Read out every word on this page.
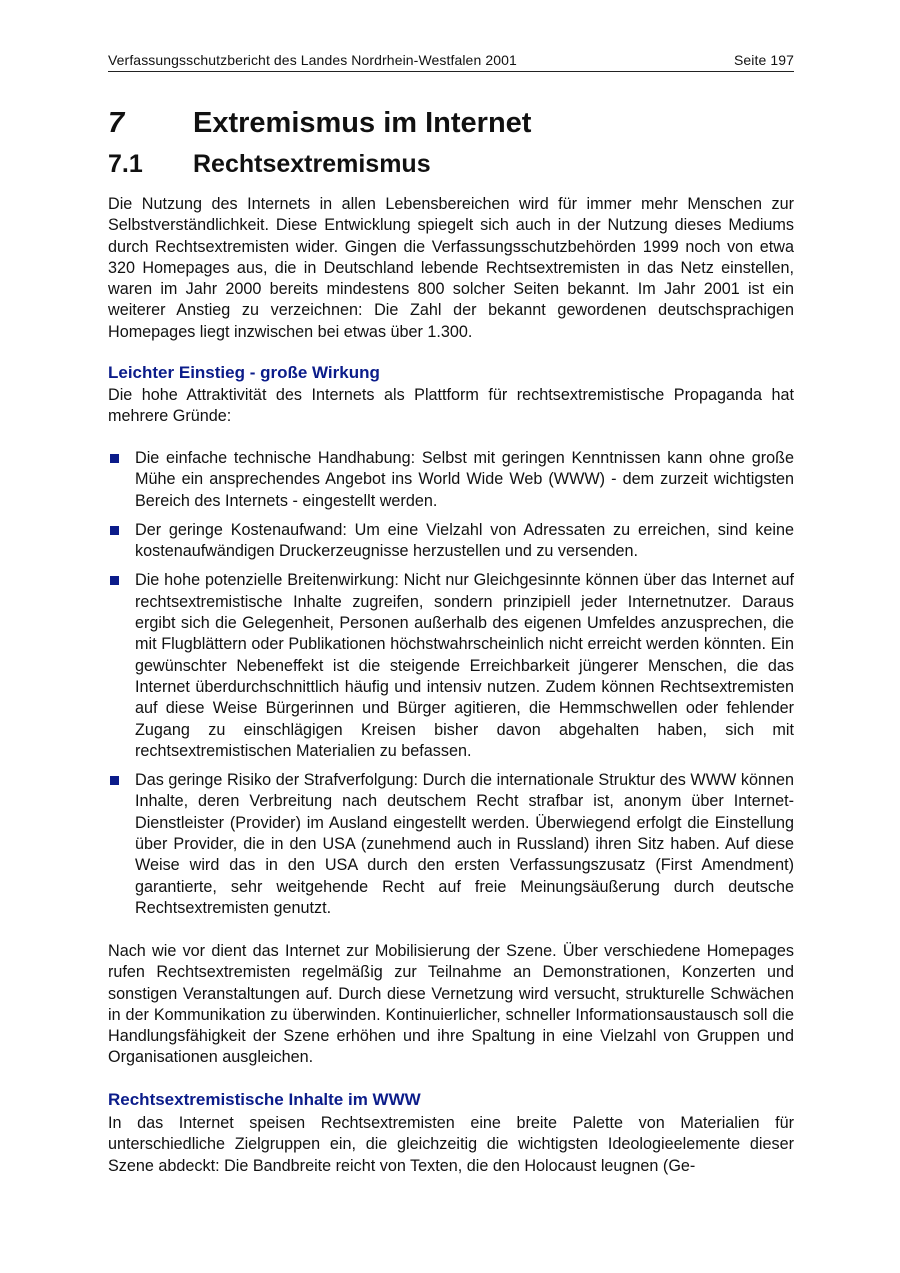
Verfassungsschutzbericht des Landes Nordrhein-Westfalen 2001	Seite 197

7 Extremismus im Internet
7.1 Rechtsextremismus

Die Nutzung des Internets in allen Lebensbereichen wird für immer mehr Menschen zur Selbstverständlichkeit. Diese Entwicklung spiegelt sich auch in der Nutzung dieses Mediums durch Rechtsextremisten wider. Gingen die Verfassungsschutzbehörden 1999 noch von etwa 320 Homepages aus, die in Deutschland lebende Rechtsextremisten in das Netz einstellen, waren im Jahr 2000 bereits mindestens 800 solcher Seiten bekannt. Im Jahr 2001 ist ein weiterer Anstieg zu verzeichnen: Die Zahl der bekannt gewordenen deutschsprachigen Homepages liegt inzwischen bei etwas über 1.300.

Leichter Einstieg - große Wirkung

Die hohe Attraktivität des Internets als Plattform für rechtsextremistische Propaganda hat mehrere Gründe:

Die einfache technische Handhabung: Selbst mit geringen Kenntnissen kann ohne große Mühe ein ansprechendes Angebot ins World Wide Web (WWW) - dem zurzeit wichtigsten Bereich des Internets - eingestellt werden.
Der geringe Kostenaufwand: Um eine Vielzahl von Adressaten zu erreichen, sind keine kostenaufwändigen Druckerzeugnisse herzustellen und zu versenden.
Die hohe potenzielle Breitenwirkung: Nicht nur Gleichgesinnte können über das Internet auf rechtsextremistische Inhalte zugreifen, sondern prinzipiell jeder Internetnutzer. Daraus ergibt sich die Gelegenheit, Personen außerhalb des eigenen Umfeldes anzusprechen, die mit Flugblättern oder Publikationen höchstwahrscheinlich nicht erreicht werden könnten. Ein gewünschter Nebeneffekt ist die steigende Erreichbarkeit jüngerer Menschen, die das Internet überdurchschnittlich häufig und intensiv nutzen. Zudem können Rechtsextremisten auf diese Weise Bürgerinnen und Bürger agitieren, die Hemmschwellen oder fehlender Zugang zu einschlägigen Kreisen bisher davon abgehalten haben, sich mit rechtsextremistischen Materialien zu befassen.
Das geringe Risiko der Strafverfolgung: Durch die internationale Struktur des WWW können Inhalte, deren Verbreitung nach deutschem Recht strafbar ist, anonym über Internet-Dienstleister (Provider) im Ausland eingestellt werden. Überwiegend erfolgt die Einstellung über Provider, die in den USA (zunehmend auch in Russland) ihren Sitz haben. Auf diese Weise wird das in den USA durch den ersten Verfassungszusatz (First Amendment) garantierte, sehr weitgehende Recht auf freie Meinungsäußerung durch deutsche Rechtsextremisten genutzt.

Nach wie vor dient das Internet zur Mobilisierung der Szene. Über verschiedene Homepages rufen Rechtsextremisten regelmäßig zur Teilnahme an Demonstrationen, Konzerten und sonstigen Veranstaltungen auf. Durch diese Vernetzung wird versucht, strukturelle Schwächen in der Kommunikation zu überwinden. Kontinuierlicher, schneller Informationsaustausch soll die Handlungsfähigkeit der Szene erhöhen und ihre Spaltung in eine Vielzahl von Gruppen und Organisationen ausgleichen.

Rechtsextremistische Inhalte im WWW

In das Internet speisen Rechtsextremisten eine breite Palette von Materialien für unterschiedliche Zielgruppen ein, die gleichzeitig die wichtigsten Ideologieelemente dieser Szene abdeckt: Die Bandbreite reicht von Texten, die den Holocaust leugnen (Ge-
